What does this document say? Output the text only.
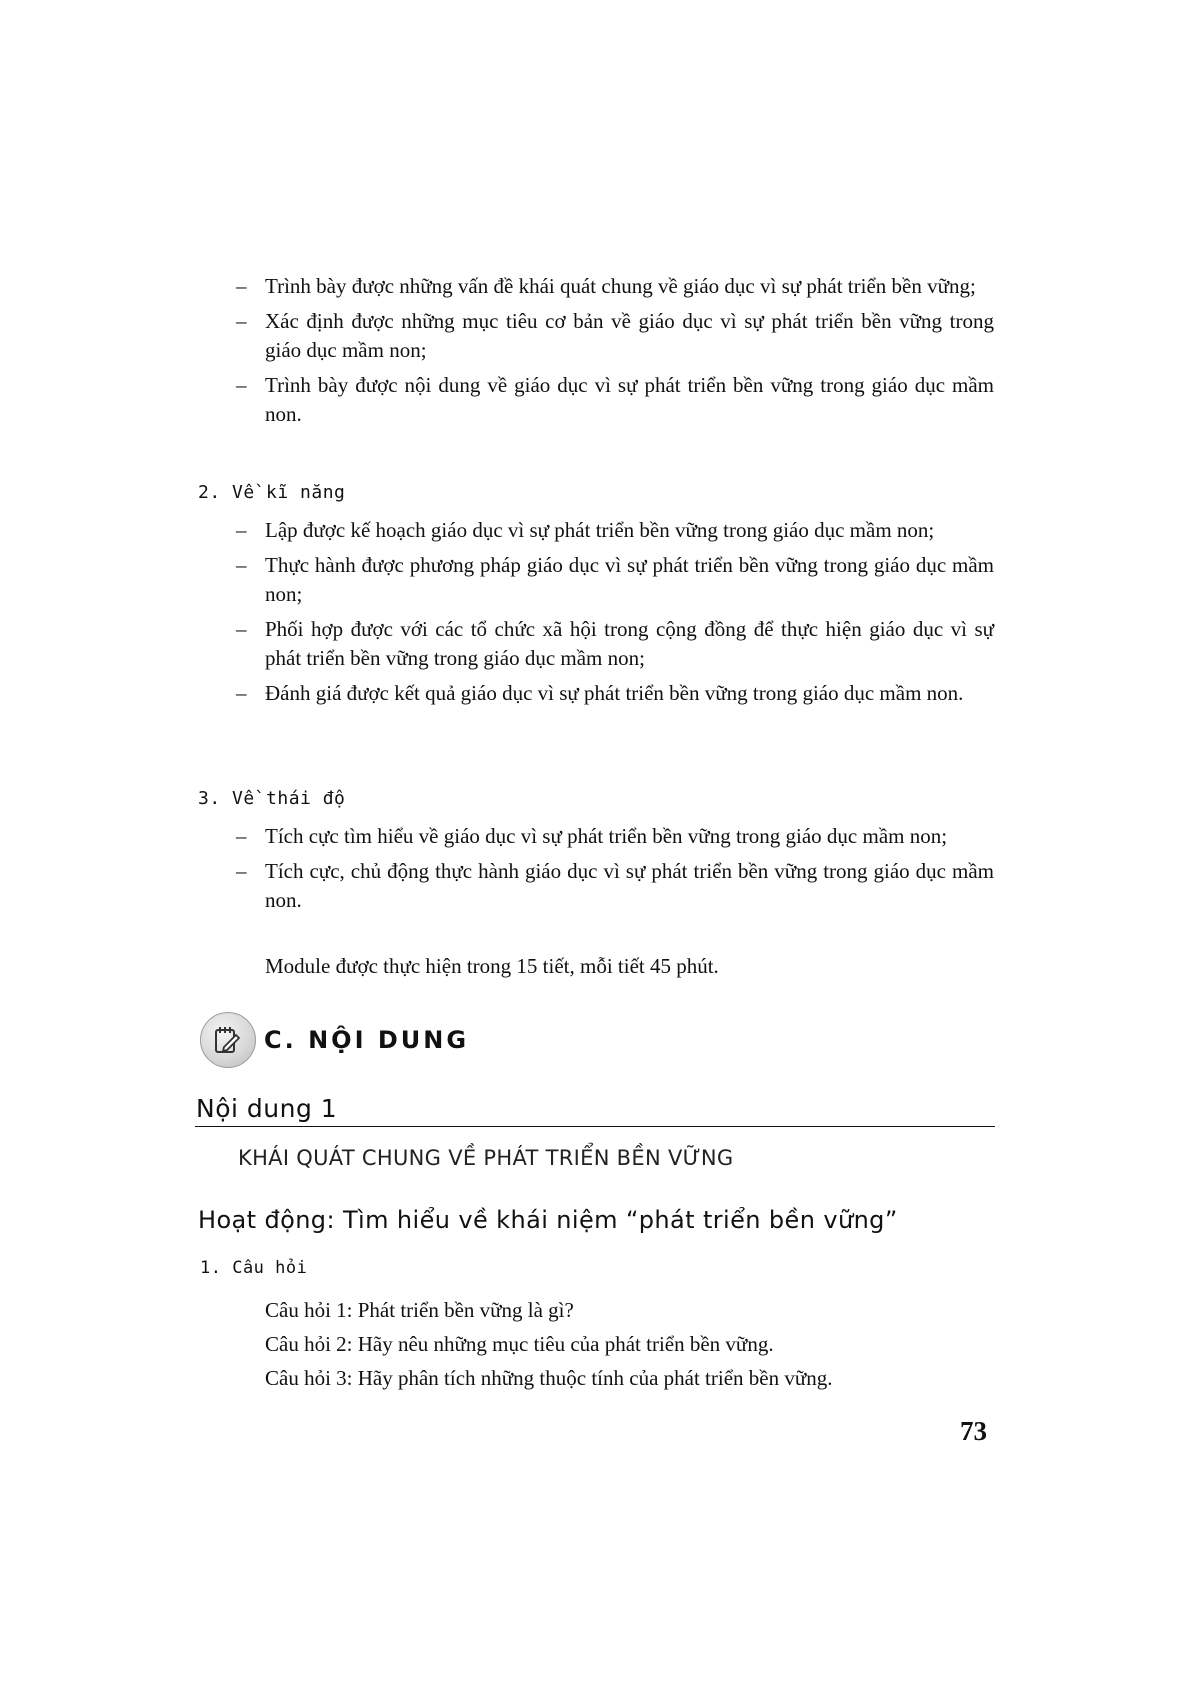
– Trình bày được những vấn đề khái quát chung về giáo dục vì sự phát triển bền vững;
– Xác định được những mục tiêu cơ bản về giáo dục vì sự phát triển bền vững trong giáo dục mầm non;
– Trình bày được nội dung về giáo dục vì sự phát triển bền vững trong giáo dục mầm non.
2. Về kĩ năng
– Lập được kế hoạch giáo dục vì sự phát triển bền vững trong giáo dục mầm non;
– Thực hành được phương pháp giáo dục vì sự phát triển bền vững trong giáo dục mầm non;
– Phối hợp được với các tổ chức xã hội trong cộng đồng để thực hiện giáo dục vì sự phát triển bền vững trong giáo dục mầm non;
– Đánh giá được kết quả giáo dục vì sự phát triển bền vững trong giáo dục mầm non.
3. Về thái độ
– Tích cực tìm hiểu về giáo dục vì sự phát triển bền vững trong giáo dục mầm non;
– Tích cực, chủ động thực hành giáo dục vì sự phát triển bền vững trong giáo dục mầm non.
Module được thực hiện trong 15 tiết, mỗi tiết 45 phút.
C. NỘI DUNG
Nội dung 1
KHÁI QUÁT CHUNG VỀ PHÁT TRIỂN BỀN VỮNG
Hoạt động: Tìm hiểu về khái niệm “phát triển bền vững”
1. Câu hỏi
Câu hỏi 1: Phát triển bền vững là gì?
Câu hỏi 2: Hãy nêu những mục tiêu của phát triển bền vững.
Câu hỏi 3: Hãy phân tích những thuộc tính của phát triển bền vững.
73
